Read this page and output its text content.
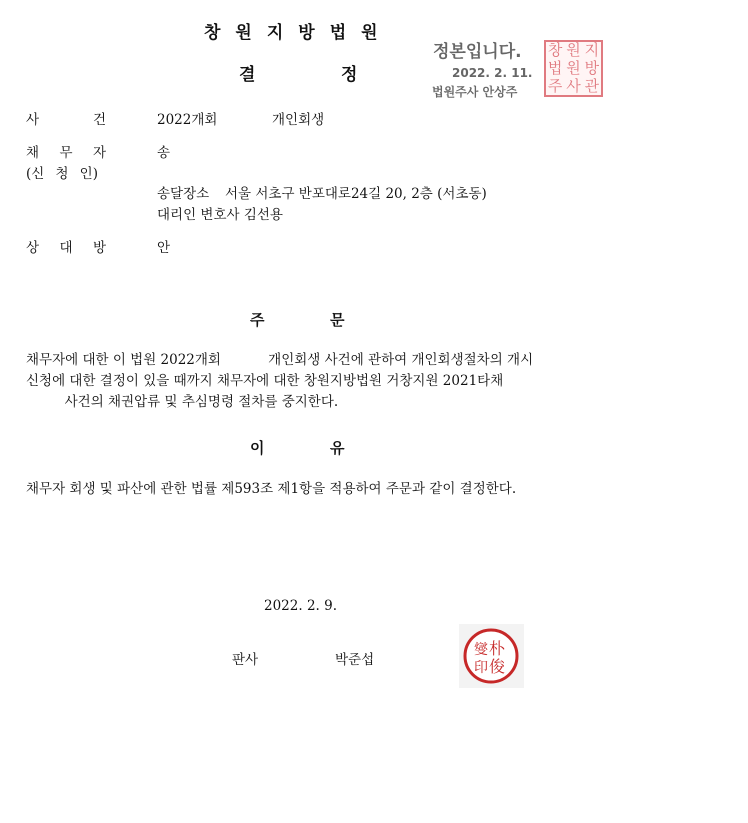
창원지방법원
결	정
정본입니다.
2022. 2. 11.
법원주사 안상주
창 원 지
법 원 방
주 사 관
사	건	2022개회	개인회생
채 무 자	송
(신 청 인)
송달장소 서울 서초구 반포대로24길 20, 2층 (서초동)
대리인 변호사 김선용
상 대 방	안
주	문
채무자에 대한 이 법원 2022개회           개인회생 사건에 관하여 개인회생절차의 개시
신청에 대한 결정이 있을 때까지 채무자에 대한 창원지방법원 거창지원 2021타채
사건의 채권압류 및 추심명령 절차를 중지한다.
이	유
채무자 회생 및 파산에 관한 법률 제593조 제1항을 적용하여 주문과 같이 결정한다.
2022. 2. 9.
판사	박준섭
朴
俊
燮
印
